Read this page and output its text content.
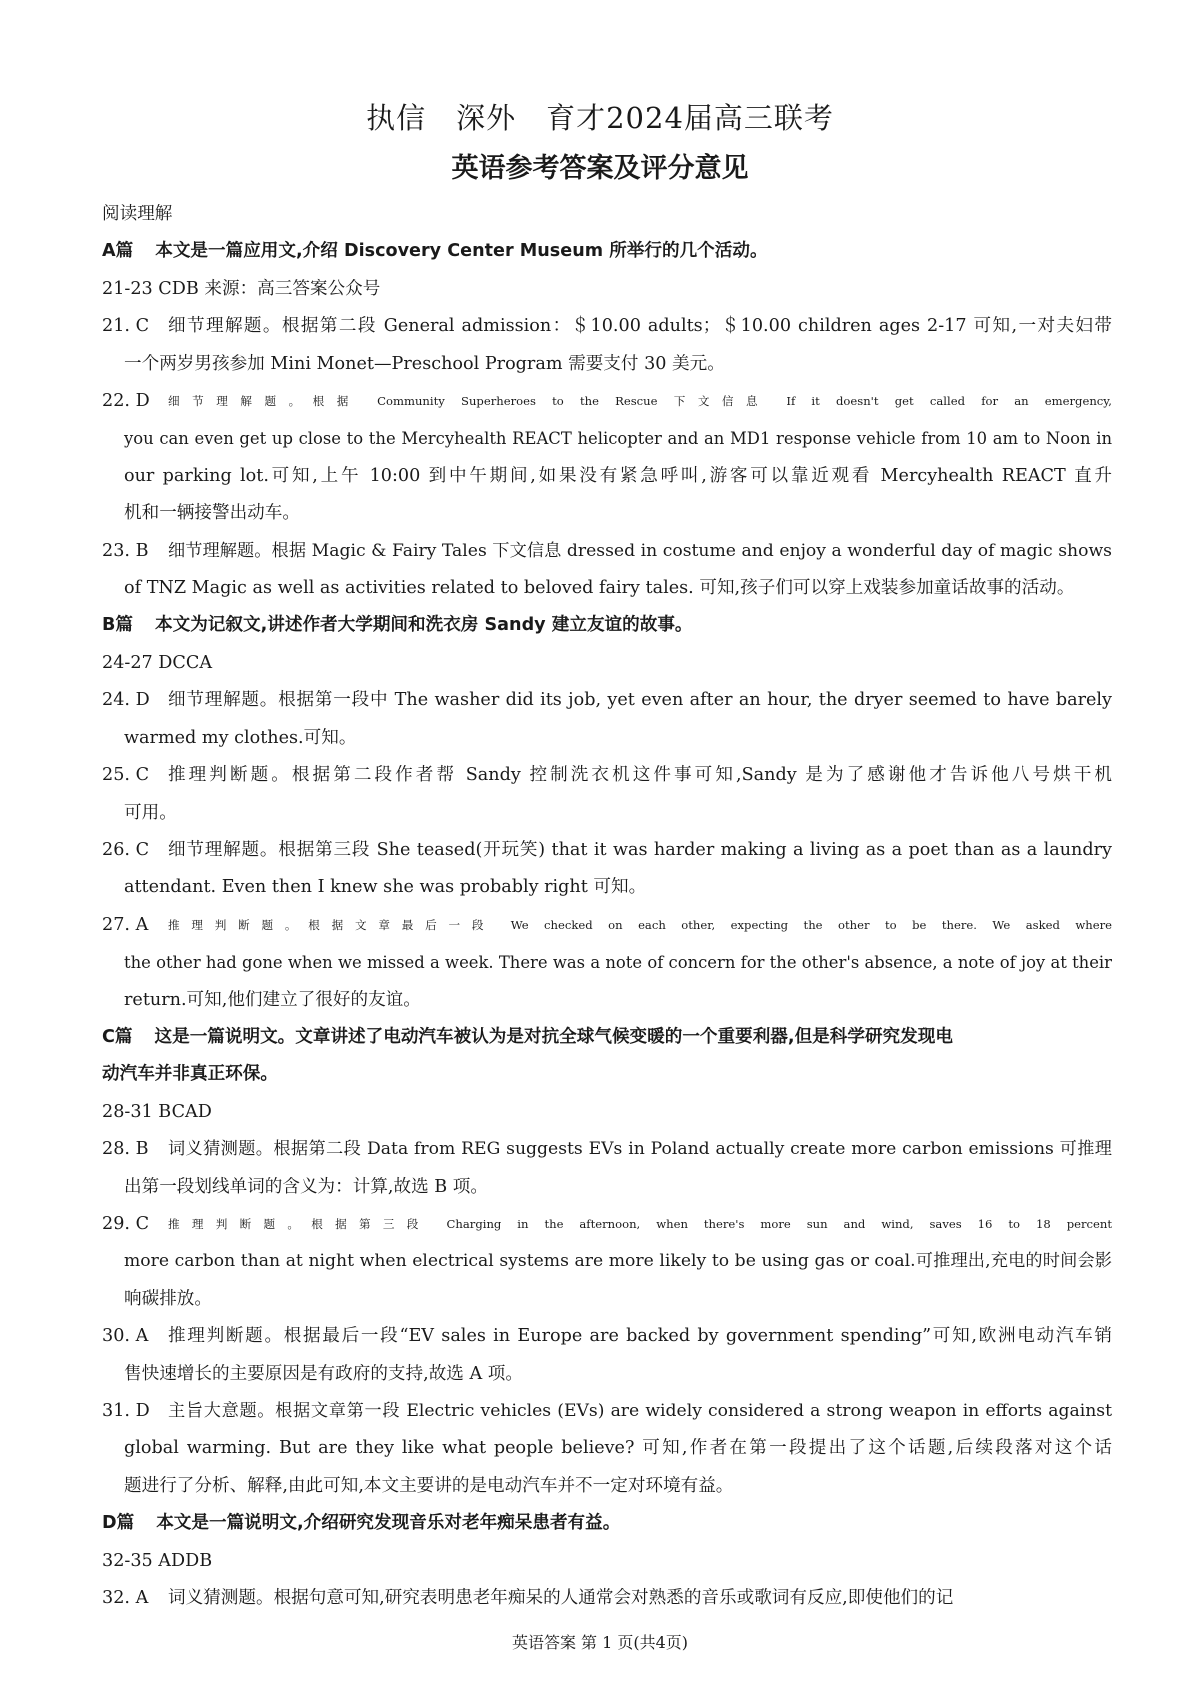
执信　深外　育才2024届高三联考
英语参考答案及评分意见
阅读理解
A篇 本文是一篇应用文,介绍 Discovery Center Museum 所举行的几个活动。
21-23 CDB 来源：高三答案公众号
21. C	细节理解题。根据第二段 General admission：＄10.00 adults；＄10.00 children ages 2-17 可知,一对夫妇带
一个两岁男孩参加 Mini Monet—Preschool Program 需要支付 30 美元。
22. D	细节理解题。根据 Community Superheroes to the Rescue 下文信息 If it doesn't get called for an emergency,
you can even get up close to the Mercyhealth REACT helicopter and an MD1 response vehicle from 10 am to Noon in
our parking lot.可知,上午 10:00 到中午期间,如果没有紧急呼叫,游客可以靠近观看 Mercyhealth REACT 直升
机和一辆接警出动车。
23. B	细节理解题。根据 Magic & Fairy Tales 下文信息 dressed in costume and enjoy a wonderful day of magic shows
of TNZ Magic as well as activities related to beloved fairy tales. 可知,孩子们可以穿上戏装参加童话故事的活动。
B篇 本文为记叙文,讲述作者大学期间和洗衣房 Sandy 建立友谊的故事。
24-27 DCCA
24. D	细节理解题。根据第一段中 The washer did its job, yet even after an hour, the dryer seemed to have barely
warmed my clothes.可知。
25. C	推理判断题。根据第二段作者帮 Sandy 控制洗衣机这件事可知,Sandy 是为了感谢他才告诉他八号烘干机
可用。
26. C	细节理解题。根据第三段 She teased(开玩笑) that it was harder making a living as a poet than as a laundry
attendant. Even then I knew she was probably right 可知。
27. A	推理判断题。根据文章最后一段 We checked on each other, expecting the other to be there. We asked where
the other had gone when we missed a week. There was a note of concern for the other's absence, a note of joy at their
return.可知,他们建立了很好的友谊。
C篇 这是一篇说明文。文章讲述了电动汽车被认为是对抗全球气候变暖的一个重要利器,但是科学研究发现电
动汽车并非真正环保。
28-31 BCAD
28. B	词义猜测题。根据第二段 Data from REG suggests EVs in Poland actually create more carbon emissions 可推理
出第一段划线单词的含义为：计算,故选 B 项。
29. C	推理判断题。根据第三段 Charging in the afternoon, when there's more sun and wind, saves 16 to 18 percent
more carbon than at night when electrical systems are more likely to be using gas or coal.可推理出,充电的时间会影
响碳排放。
30. A	推理判断题。根据最后一段“EV sales in Europe are backed by government spending”可知,欧洲电动汽车销
售快速增长的主要原因是有政府的支持,故选 A 项。
31. D	主旨大意题。根据文章第一段 Electric vehicles (EVs) are widely considered a strong weapon in efforts against
global warming. But are they like what people believe? 可知,作者在第一段提出了这个话题,后续段落对这个话
题进行了分析、解释,由此可知,本文主要讲的是电动汽车并不一定对环境有益。
D篇 本文是一篇说明文,介绍研究发现音乐对老年痴呆患者有益。
32-35 ADDB
32. A	词义猜测题。根据句意可知,研究表明患老年痴呆的人通常会对熟悉的音乐或歌词有反应,即使他们的记
英语答案 第 1 页(共4页)
